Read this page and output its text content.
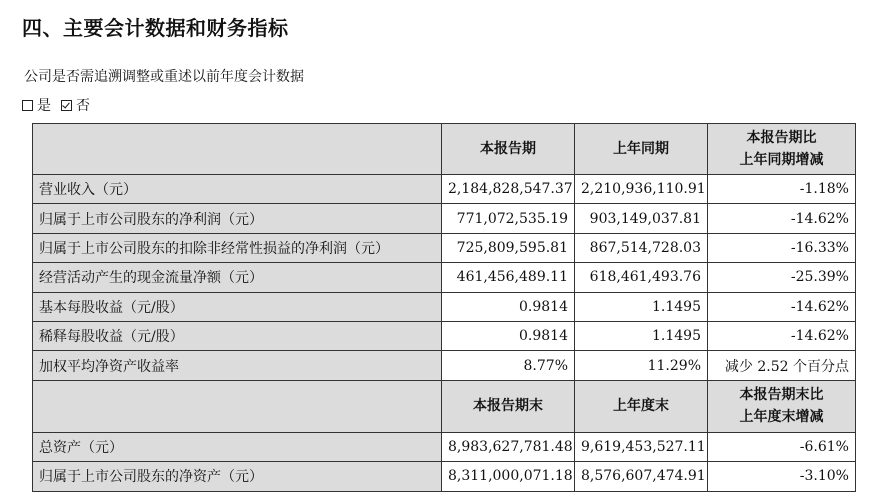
四、主要会计数据和财务指标
公司是否需追溯调整或重述以前年度会计数据
是 否
	本报告期	上年同期	本报告期比
上年同期增减

营业收入（元）	2,184,828,547.37	2,210,936,110.91	-1.18%
归属于上市公司股东的净利润（元）	771,072,535.19	903,149,037.81	-14.62%
归属于上市公司股东的扣除非经常性损益的净利润（元）	725,809,595.81	867,514,728.03	-16.33%
经营活动产生的现金流量净额（元）	461,456,489.11	618,461,493.76	-25.39%
基本每股收益（元/股）	0.9814	1.1495	-14.62%
稀释每股收益（元/股）	0.9814	1.1495	-14.62%
加权平均净资产收益率	8.77%	11.29%	减少 2.52 个百分点
	本报告期末	上年度末	本报告期末比
上年度末增减

总资产（元）	8,983,627,781.48	9,619,453,527.11	-6.61%
归属于上市公司股东的净资产（元）	8,311,000,071.18	8,576,607,474.91	-3.10%
